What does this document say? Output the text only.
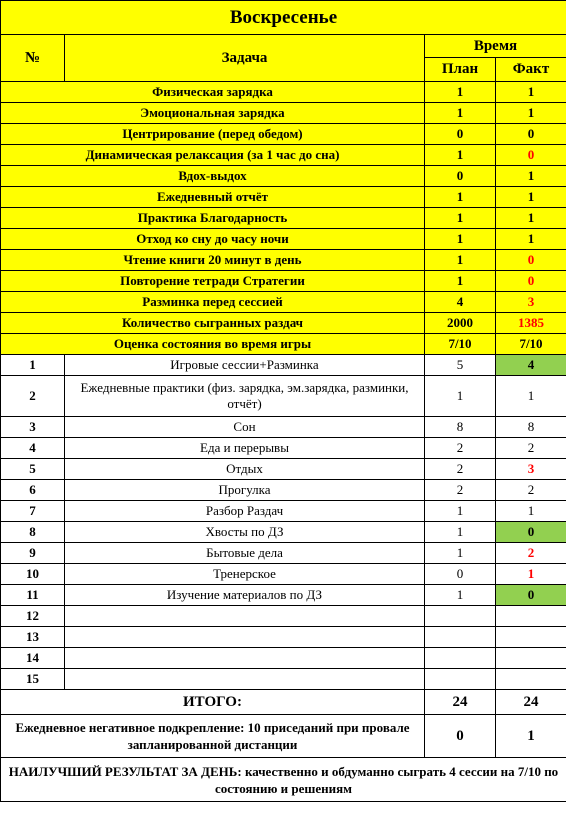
Воскресенье			
№	Задача	Время	
		План	Факт
Физическая зарядка		1	1
Эмоциональная зарядка		1	1
Центрирование (перед обедом)		0	0
Динамическая релаксация (за 1 час до сна)		1	0
Вдох-выдох		0	1
Ежедневный отчёт		1	1
Практика Благодарность		1	1
Отход ко сну до часу ночи		1	1
Чтение книги 20 минут в день		1	0
Повторение тетради Стратегии		1	0
Разминка перед сессией		4	3
Количество сыгранных раздач		2000	1385
Оценка состояния во время игры		7/10	7/10
1	Игровые сессии+Разминка	5	4
2	Ежедневные практики (физ. зарядка, эм.зарядка, разминки, отчёт)	1	1
3	Сон	8	8
4	Еда и перерывы	2	2
5	Отдых	2	3
6	Прогулка	2	2
7	Разбор Раздач	1	1
8	Хвосты по ДЗ	1	0
9	Бытовые дела	1	2
10	Тренерское	0	1
11	Изучение материалов по ДЗ	1	0
12			
13			
14			
15			
ИТОГО:		24	24
Ежедневное негативное подкрепление: 10 приседаний при провале запланированной дистанции		0	1
НАИЛУЧШИЙ РЕЗУЛЬТАТ ЗА ДЕНЬ: качественно и обдуманно сыграть 4 сессии на 7/10 по состоянию и решениям			
